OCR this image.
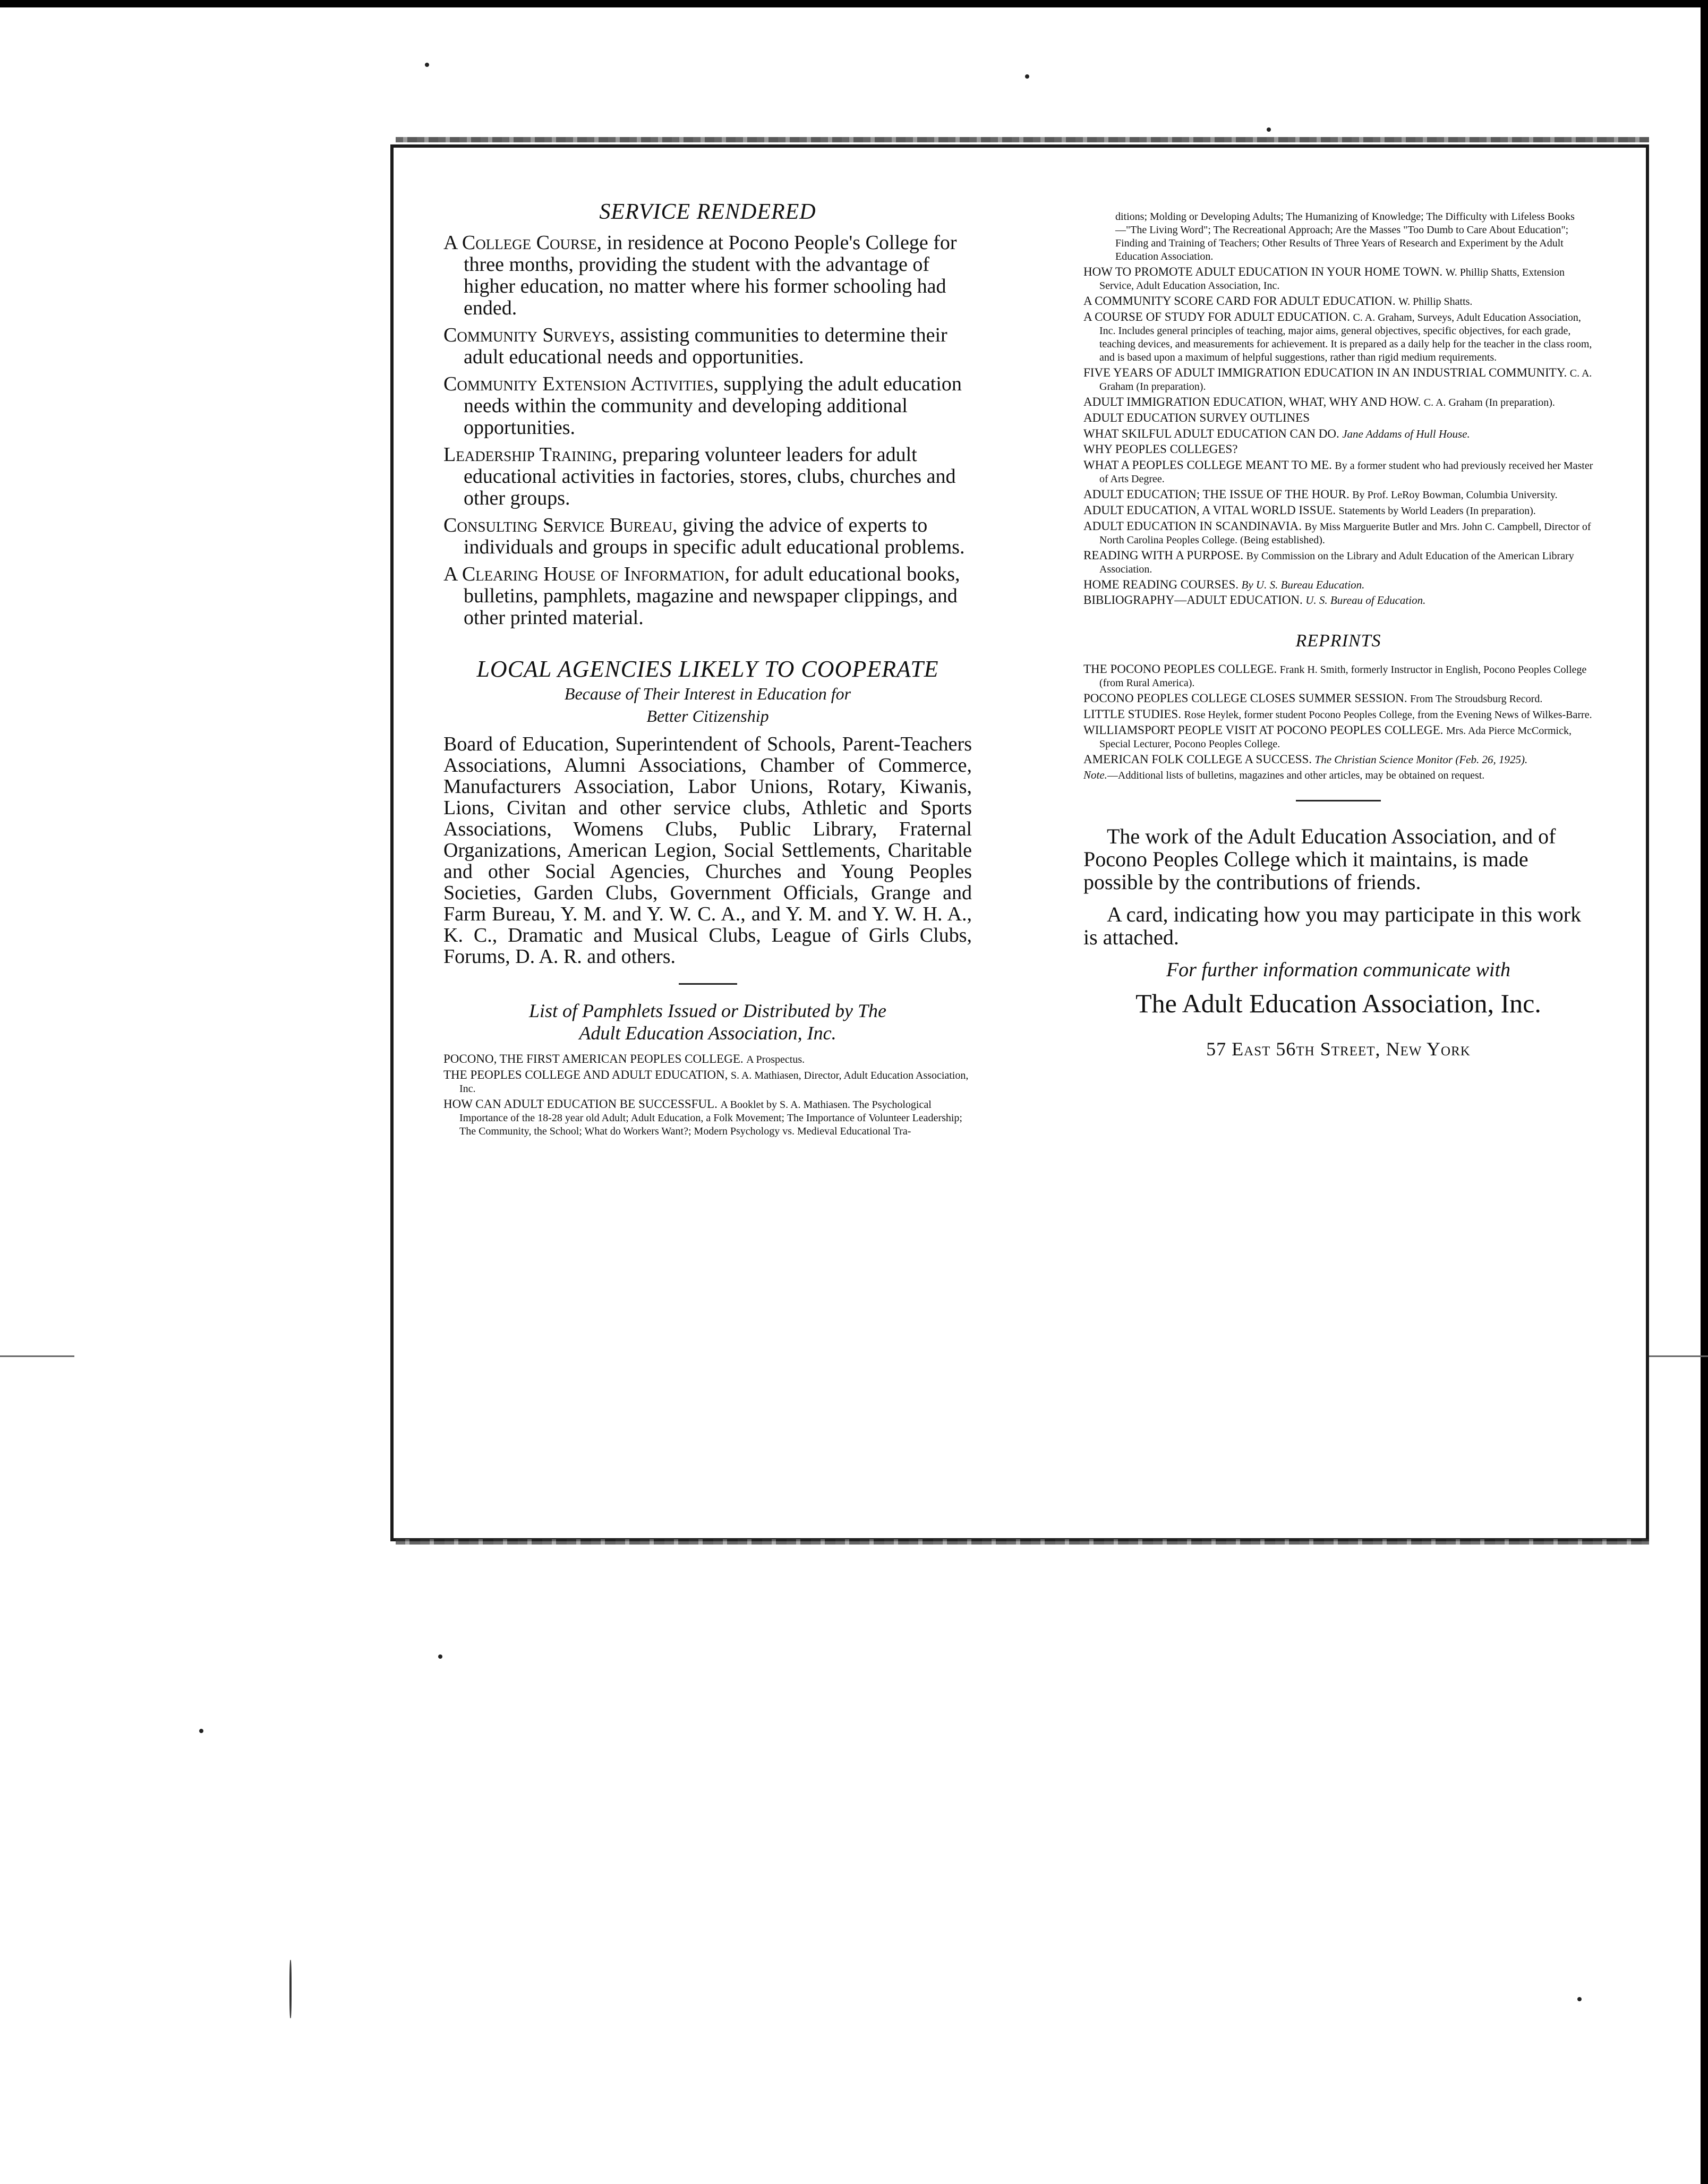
SERVICE RENDERED

A College Course, in residence at Pocono People's College for three months, providing the student with the advantage of higher education, no matter where his former schooling had ended.

Community Surveys, assisting communities to determine their adult educational needs and opportunities.

Community Extension Activities, supplying the adult education needs within the community and developing additional opportunities.

Leadership Training, preparing volunteer leaders for adult educational activities in factories, stores, clubs, churches and other groups.

Consulting Service Bureau, giving the advice of experts to individuals and groups in specific adult educational problems.

A Clearing House of Information, for adult educational books, bulletins, pamphlets, magazine and newspaper clippings, and other printed material.

LOCAL AGENCIES LIKELY TO COOPERATE

Because of Their Interest in Education for
Better Citizenship

Board of Education, Superintendent of Schools, Parent-Teachers Associations, Alumni Associations, Chamber of Commerce, Manufacturers Association, Labor Unions, Rotary, Kiwanis, Lions, Civitan and other service clubs, Athletic and Sports Associations, Womens Clubs, Public Library, Fraternal Organizations, American Legion, Social Settlements, Charitable and other Social Agencies, Churches and Young Peoples Societies, Garden Clubs, Government Officials, Grange and Farm Bureau, Y. M. and Y. W. C. A., and Y. M. and Y. W. H. A., K. C., Dramatic and Musical Clubs, League of Girls Clubs, Forums, D. A. R. and others.

List of Pamphlets Issued or Distributed by The
Adult Education Association, Inc.

POCONO, THE FIRST AMERICAN PEOPLES COLLEGE. A Prospectus.

THE PEOPLES COLLEGE AND ADULT EDUCATION, S. A. Mathiasen, Director, Adult Education Association, Inc.

HOW CAN ADULT EDUCATION BE SUCCESSFUL. A Booklet by S. A. Mathiasen. The Psychological Importance of the 18-28 year old Adult; Adult Education, a Folk Movement; The Importance of Volunteer Leadership; The Community, the School; What do Workers Want?; Modern Psychology vs. Medieval Educational Tra-

ditions; Molding or Developing Adults; The Humanizing of Knowledge; The Difficulty with Lifeless Books—"The Living Word"; The Recreational Approach; Are the Masses "Too Dumb to Care About Education"; Finding and Training of Teachers; Other Results of Three Years of Research and Experiment by the Adult Education Association.

HOW TO PROMOTE ADULT EDUCATION IN YOUR HOME TOWN. W. Phillip Shatts, Extension Service, Adult Education Association, Inc.

A COMMUNITY SCORE CARD FOR ADULT EDUCATION. W. Phillip Shatts.

A COURSE OF STUDY FOR ADULT EDUCATION. C. A. Graham, Surveys, Adult Education Association, Inc. Includes general principles of teaching, major aims, general objectives, specific objectives, for each grade, teaching devices, and measurements for achievement. It is prepared as a daily help for the teacher in the class room, and is based upon a maximum of helpful suggestions, rather than rigid medium requirements.

FIVE YEARS OF ADULT IMMIGRATION EDUCATION IN AN INDUSTRIAL COMMUNITY. C. A. Graham (In preparation).

ADULT IMMIGRATION EDUCATION, WHAT, WHY AND HOW. C. A. Graham (In preparation).

ADULT EDUCATION SURVEY OUTLINES

WHAT SKILFUL ADULT EDUCATION CAN DO. Jane Addams of Hull House.

WHY PEOPLES COLLEGES?

WHAT A PEOPLES COLLEGE MEANT TO ME. By a former student who had previously received her Master of Arts Degree.

ADULT EDUCATION; THE ISSUE OF THE HOUR. By Prof. LeRoy Bowman, Columbia University.

ADULT EDUCATION, A VITAL WORLD ISSUE. Statements by World Leaders (In preparation).

ADULT EDUCATION IN SCANDINAVIA. By Miss Marguerite Butler and Mrs. John C. Campbell, Director of North Carolina Peoples College. (Being established).

READING WITH A PURPOSE. By Commission on the Library and Adult Education of the American Library Association.

HOME READING COURSES. By U. S. Bureau Education.

BIBLIOGRAPHY—ADULT EDUCATION. U. S. Bureau of Education.

REPRINTS

THE POCONO PEOPLES COLLEGE. Frank H. Smith, formerly Instructor in English, Pocono Peoples College (from Rural America).

POCONO PEOPLES COLLEGE CLOSES SUMMER SESSION. From The Stroudsburg Record.

LITTLE STUDIES. Rose Heylek, former student Pocono Peoples College, from the Evening News of Wilkes-Barre.

WILLIAMSPORT PEOPLE VISIT AT POCONO PEOPLES COLLEGE. Mrs. Ada Pierce McCormick, Special Lecturer, Pocono Peoples College.

AMERICAN FOLK COLLEGE A SUCCESS. The Christian Science Monitor (Feb. 26, 1925).

Note.—Additional lists of bulletins, magazines and other articles, may be obtained on request.

The work of the Adult Education Association, and of Pocono Peoples College which it maintains, is made possible by the contributions of friends.

A card, indicating how you may participate in this work is attached.

For further information communicate with

The Adult Education Association, Inc.

57 East 56th Street, New York
